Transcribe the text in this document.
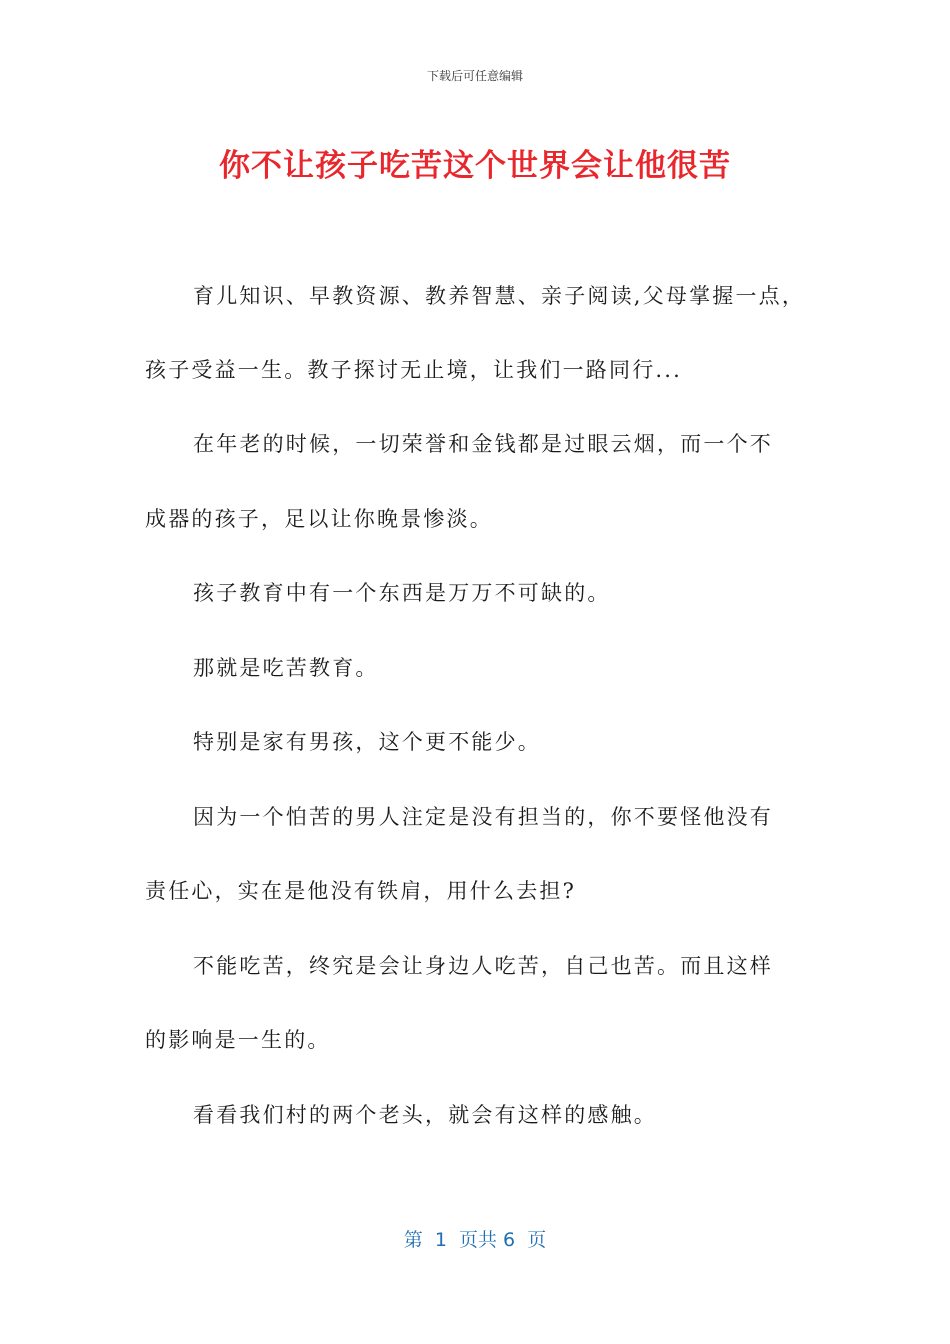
下载后可任意编辑
你不让孩子吃苦这个世界会让他很苦
育儿知识、早教资源、教养智慧、亲子阅读,父母掌握一点，
孩子受益一生。教子探讨无止境，让我们一路同行...
在年老的时候，一切荣誉和金钱都是过眼云烟，而一个不
成器的孩子，足以让你晚景惨淡。
孩子教育中有一个东西是万万不可缺的。
那就是吃苦教育。
特别是家有男孩，这个更不能少。
因为一个怕苦的男人注定是没有担当的，你不要怪他没有
责任心，实在是他没有铁肩，用什么去担?
不能吃苦，终究是会让身边人吃苦，自己也苦。而且这样
的影响是一生的。
看看我们村的两个老头，就会有这样的感触。
第  1  页共 6  页
